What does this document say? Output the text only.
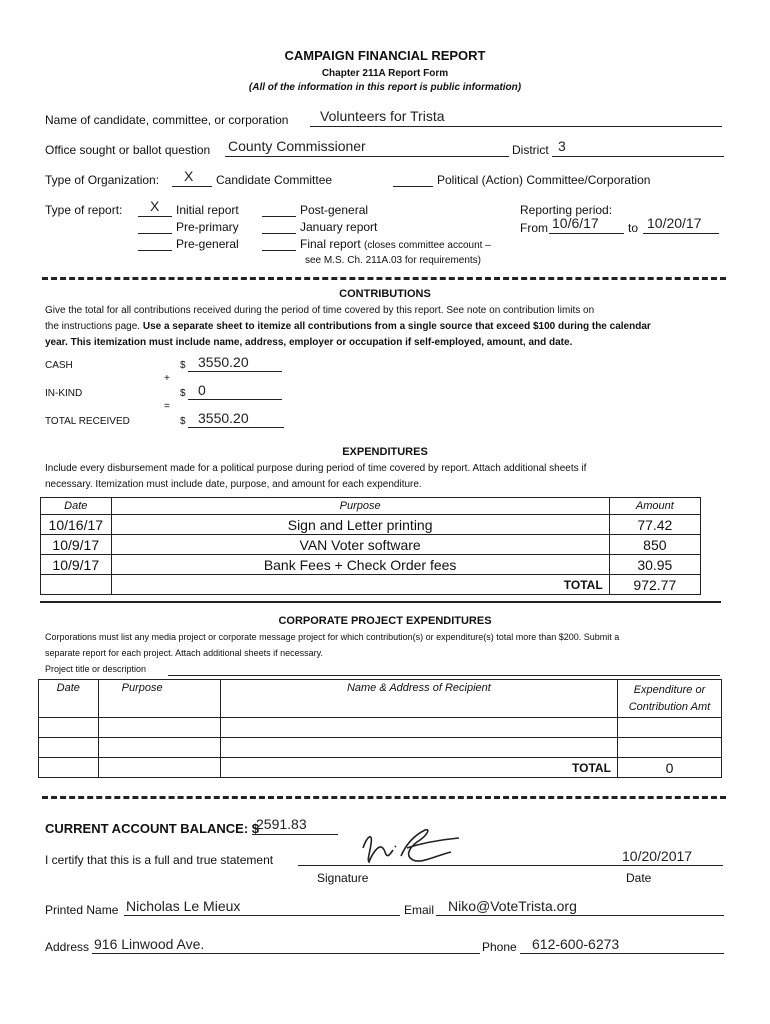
CAMPAIGN FINANCIAL REPORT
Chapter 211A Report Form
(All of the information in this report is public information)
Name of candidate, committee, or corporation Volunteers for Trista
Office sought or ballot question County Commissioner	District 3
Type of Organization: X Candidate Committee	Political (Action) Committee/Corporation
Type of report: X Initial report
Pre-primary
Pre-general
Post-general
January report
Final report (closes committee account –
see M.S. Ch. 211A.03 for requirements)
Reporting period:
From 10/6/17 to 10/20/17
CONTRIBUTIONS
Give the total for all contributions received during the period of time covered by this report. See note on contribution limits on
the instructions page. Use a separate sheet to itemize all contributions from a single source that exceed $100 during the calendar
year. This itemization must include name, address, employer or occupation if self-employed, amount, and date.
CASH	$ 3550.20
+
IN-KIND	$ 0
=
TOTAL RECEIVED	$ 3550.20
EXPENDITURES
Include every disbursement made for a political purpose during period of time covered by report. Attach additional sheets if
necessary. Itemization must include date, purpose, and amount for each expenditure.
Date	Purpose	Amount
10/16/17	Sign and Letter printing	77.42
10/9/17	VAN Voter software	850
10/9/17	Bank Fees + Check Order fees	30.95
	TOTAL	972.77
CORPORATE PROJECT EXPENDITURES
Corporations must list any media project or corporate message project for which contribution(s) or expenditure(s) total more than $200. Submit a
separate report for each project. Attach additional sheets if necessary.
Project title or description
Date	Purpose	Name & Address of Recipient	Expenditure or
Contribution Amt

		TOTAL	0
CURRENT ACCOUNT BALANCE: $
2591.83
I certify that this is a full and true statement	10/20/2017
Signature	Date
Printed Name Nicholas Le Mieux	Email Niko@VoteTrista.org
Address 916 Linwood Ave.	Phone 612-600-6273
